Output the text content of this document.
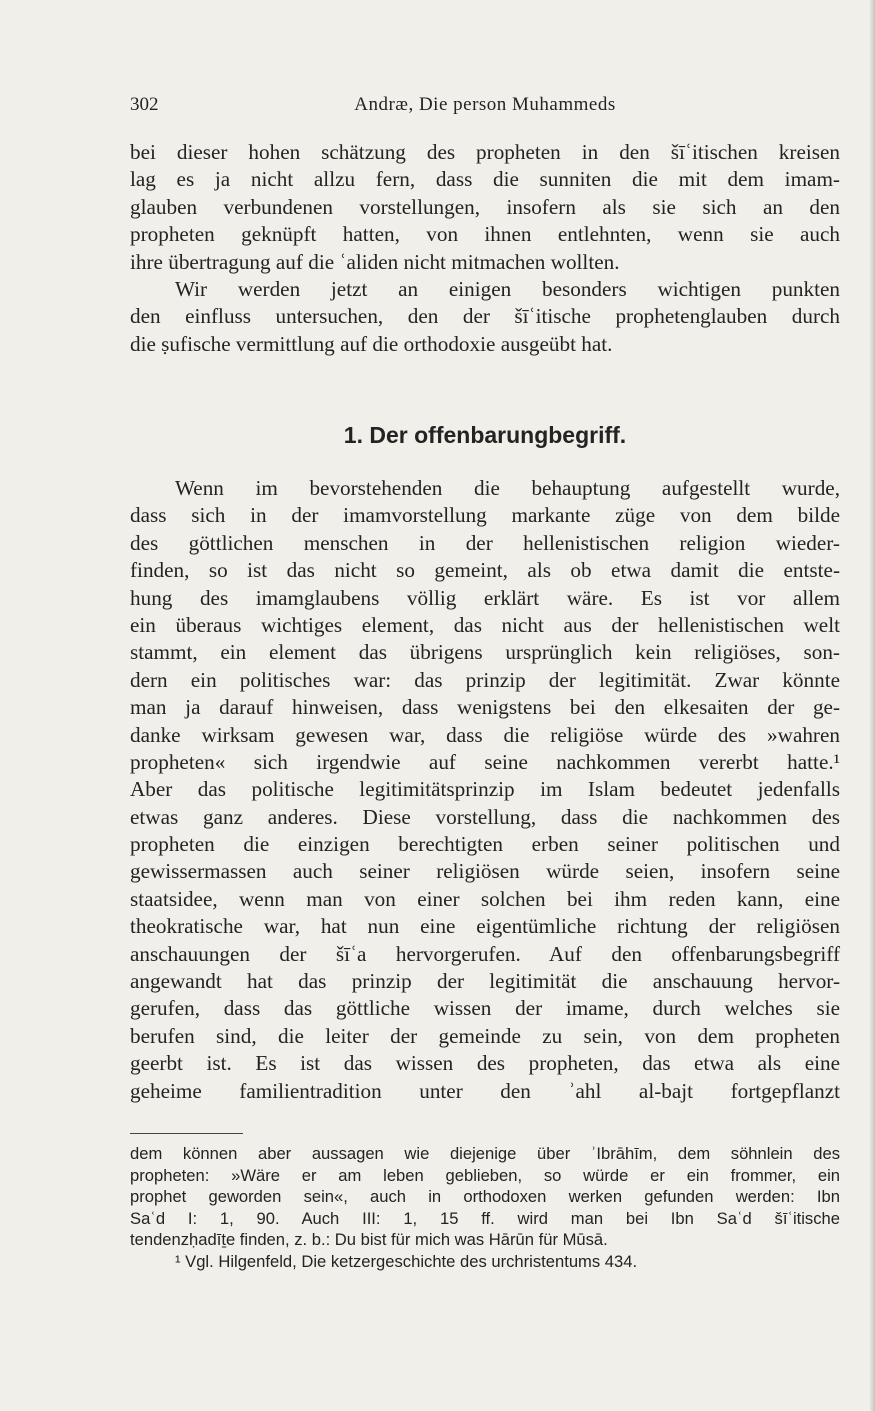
302	Andræ, Die person Muhammeds
bei dieser hohen schätzung des propheten in den šīʿitischen kreisen
lag es ja nicht allzu fern, dass die sunniten die mit dem imam-
glauben verbundenen vorstellungen, insofern als sie sich an den
propheten geknüpft hatten, von ihnen entlehnten, wenn sie auch
ihre übertragung auf die ʿaliden nicht mitmachen wollten.
Wir werden jetzt an einigen besonders wichtigen punkten
den einfluss untersuchen, den der šīʿitische prophetenglauben durch
die ṣufische vermittlung auf die orthodoxie ausgeübt hat.
1. Der offenbarungbegriff.
Wenn im bevorstehenden die behauptung aufgestellt wurde,
dass sich in der imamvorstellung markante züge von dem bilde
des göttlichen menschen in der hellenistischen religion wieder-
finden, so ist das nicht so gemeint, als ob etwa damit die entste-
hung des imamglaubens völlig erklärt wäre. Es ist vor allem
ein überaus wichtiges element, das nicht aus der hellenistischen welt
stammt, ein element das übrigens ursprünglich kein religiöses, son-
dern ein politisches war: das prinzip der legitimität. Zwar könnte
man ja darauf hinweisen, dass wenigstens bei den elkesaiten der ge-
danke wirksam gewesen war, dass die religiöse würde des »wahren
propheten« sich irgendwie auf seine nachkommen vererbt hatte.¹
Aber das politische legitimitätsprinzip im Islam bedeutet jedenfalls
etwas ganz anderes. Diese vorstellung, dass die nachkommen des
propheten die einzigen berechtigten erben seiner politischen und
gewissermassen auch seiner religiösen würde seien, insofern seine
staatsidee, wenn man von einer solchen bei ihm reden kann, eine
theokratische war, hat nun eine eigentümliche richtung der religiösen
anschauungen der šīʿa hervorgerufen. Auf den offenbarungsbegriff
angewandt hat das prinzip der legitimität die anschauung hervor-
gerufen, dass das göttliche wissen der imame, durch welches sie
berufen sind, die leiter der gemeinde zu sein, von dem propheten
geerbt ist. Es ist das wissen des propheten, das etwa als eine
geheime familientradition unter den ʾahl al-bajt fortgepflanzt
dem können aber aussagen wie diejenige über ʾIbrāhīm, dem söhnlein des
propheten: »Wäre er am leben geblieben, so würde er ein frommer, ein
prophet geworden sein«, auch in orthodoxen werken gefunden werden: Ibn
Saʿd I: 1, 90. Auch III: 1, 15 ff. wird man bei Ibn Saʿd šīʿitische
tendenzḥadīṯe finden, z. b.: Du bist für mich was Hārūn für Mūsā.
¹ Vgl. Hilgenfeld, Die ketzergeschichte des urchristentums 434.
